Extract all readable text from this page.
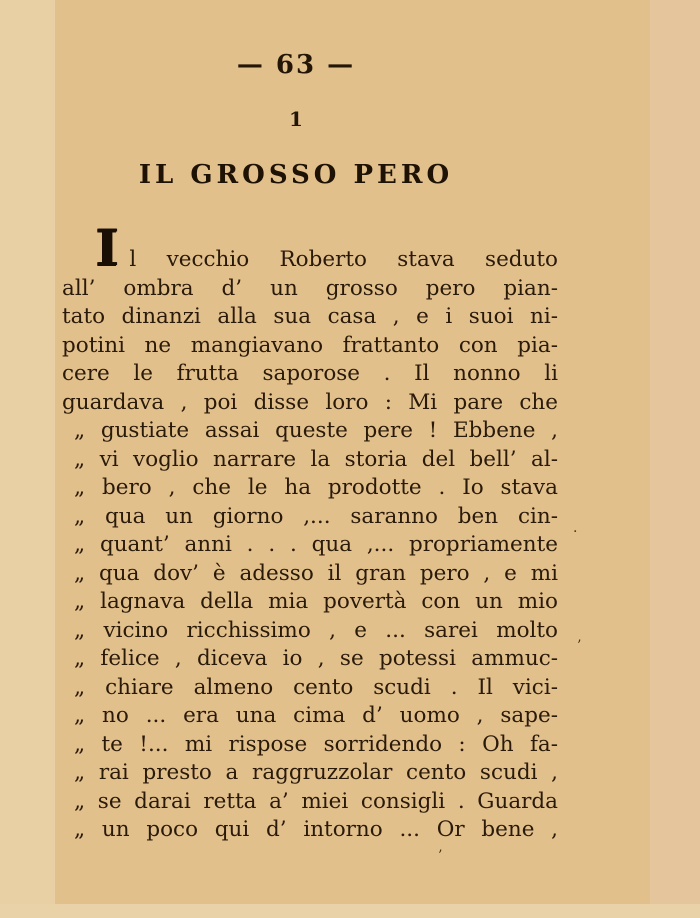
— 63 —
1
IL GROSSO PERO
Il vecchio Roberto stava seduto
all’ ombra d’ un grosso pero pian-
tato dinanzi alla sua casa , e i suoi ni-
potini ne mangiavano frattanto con pia-
cere le frutta saporose . Il nonno li
guardava , poi disse loro : Mi pare che
„ gustiate assai queste pere ! Ebbene ,
„ vi voglio narrare la storia del bell’ al-
„ bero , che le ha prodotte . Io stava
„ qua un giorno ,... saranno ben cin-
„ quant’ anni . . . qua ,... propriamente
„ qua dov’ è adesso il gran pero , e mi
„ lagnava della mia povertà con un mio
„ vicino ricchissimo , e ... sarei molto
„ felice , diceva io , se potessi ammuc-
„ chiare almeno cento scudi . Il vici-
„ no ... era una cima d’ uomo , sape-
„ te !... mi rispose sorridendo : Oh fa-
„ rai presto a raggruzzolar cento scudi ,
„ se darai retta a’ miei consigli . Guarda
„ un poco qui d’ intorno ... Or bene ,
.
’
’
